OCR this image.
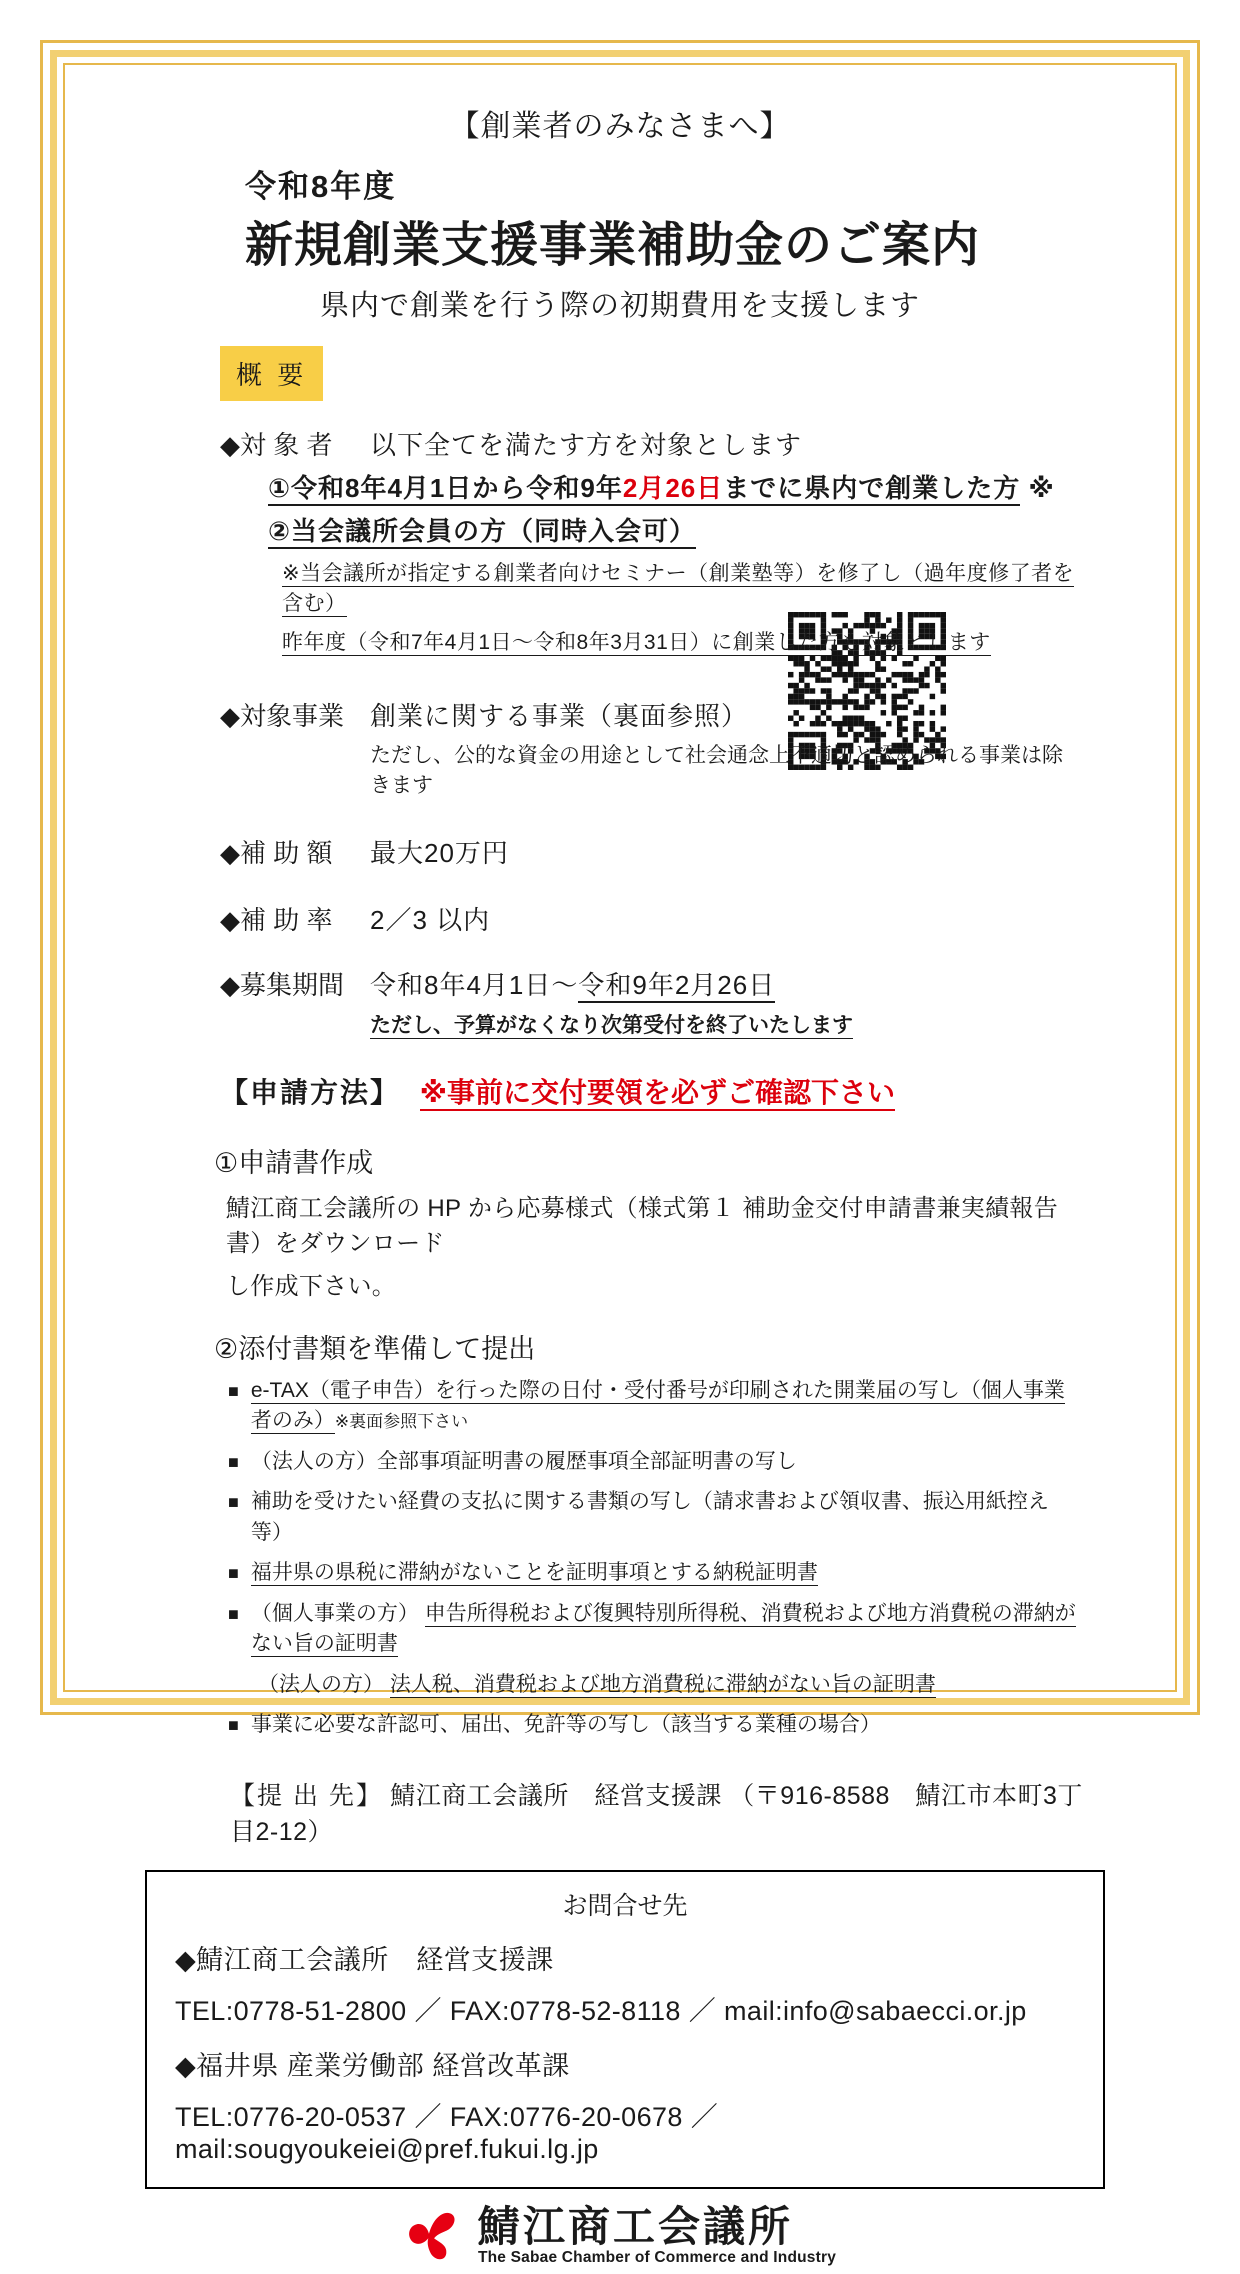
【創業者のみなさまへ】
令和8年度
新規創業支援事業補助金のご案内
県内で創業を行う際の初期費用を支援します
概 要
◆対 象 者	以下全てを満たす方を対象とします
①令和8年4月1日から令和9年2月26日までに県内で創業した方 ※
②当会議所会員の方（同時入会可）
※当会議所が指定する創業者向けセミナー（創業塾等）を修了し（過年度修了者を含む）
昨年度（令和7年4月1日～令和8年3月31日）に創業した方も対象とします
◆対象事業	創業に関する事業（裏面参照）
ただし、公的な資金の用途として社会通念上不適切と認められる事業は除きます
◆補 助 額	最大20万円
◆補 助 率	2／3 以内
◆募集期間	令和8年4月1日～令和9年2月26日
ただし、予算がなくなり次第受付を終了いたします
【申請方法】 ※事前に交付要領を必ずご確認下さい
①申請書作成
鯖江商工会議所の HP から応募様式（様式第１ 補助金交付申請書兼実績報告書）をダウンロード
し作成下さい。
②添付書類を準備して提出
■ e-TAX（電子申告）を行った際の日付・受付番号が印刷された開業届の写し（個人事業者のみ）※裏面参照下さい
■ （法人の方）全部事項証明書の履歴事項全部証明書の写し
■ 補助を受けたい経費の支払に関する書類の写し（請求書および領収書、振込用紙控え 等）
■ 福井県の県税に滞納がないことを証明事項とする納税証明書
■ （個人事業の方） 申告所得税および復興特別所得税、消費税および地方消費税の滞納がない旨の証明書
（法人の方） 法人税、消費税および地方消費税に滞納がない旨の証明書
■ 事業に必要な許認可、届出、免許等の写し（該当する業種の場合）
【提 出 先】 鯖江商工会議所　経営支援課 （〒916-8588　鯖江市本町3丁目2-12）
お問合せ先
◆鯖江商工会議所　経営支援課
TEL:0778-51-2800 ／ FAX:0778-52-8118 ／ mail:info@sabaecci.or.jp
◆福井県 産業労働部 経営改革課
TEL:0776-20-0537 ／ FAX:0776-20-0678 ／ mail:sougyoukeiei@pref.fukui.lg.jp
鯖江商工会議所
The Sabae Chamber of Commerce and Industry
